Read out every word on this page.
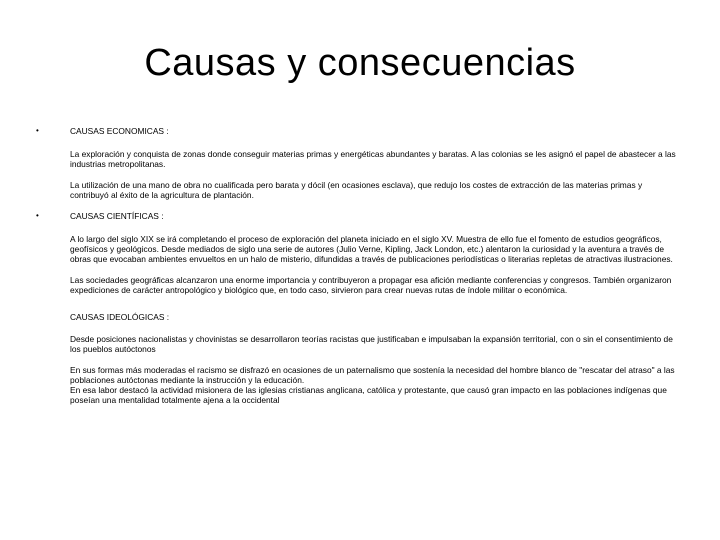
Causas y consecuencias
•	CAUSAS ECONOMICAS :
La exploración y conquista de zonas donde conseguir materias primas y energéticas abundantes y baratas. A las colonias se les asignó el papel de abastecer a las industrias metropolitanas.
La utilización de una mano de obra no cualificada pero barata y dócil (en ocasiones esclava), que redujo los costes de extracción de las materias primas y contribuyó al éxito de la agricultura de plantación.
•	CAUSAS CIENTÍFICAS :
A lo largo del siglo XIX se irá completando el proceso de exploración del planeta iniciado en el siglo XV. Muestra de ello fue el fomento de estudios geográficos, geofísicos y geológicos. Desde mediados de siglo una serie de autores (Julio Verne, Kipling, Jack London, etc.) alentaron la curiosidad y la aventura a través de obras que evocaban ambientes envueltos en un halo de misterio, difundidas a través de publicaciones periodísticas o literarias repletas de atractivas ilustraciones.
Las sociedades geográficas alcanzaron una enorme importancia y contribuyeron a propagar esa afición mediante conferencias y congresos. También organizaron expediciones de carácter antropológico y biológico que, en todo caso, sirvieron para crear nuevas rutas de índole militar o económica.
CAUSAS IDEOLÓGICAS :
Desde posiciones nacionalistas y chovinistas se desarrollaron teorías racistas que justificaban e impulsaban la expansión territorial, con o sin el consentimiento de los pueblos autóctonos
En sus formas más moderadas el racismo se disfrazó en ocasiones de un paternalismo que sostenía la necesidad del hombre blanco de "rescatar del atraso" a las poblaciones autóctonas mediante la instrucción y la educación.
En esa labor destacó la actividad misionera de las iglesias cristianas anglicana, católica y protestante, que causó gran impacto en las poblaciones indígenas que poseían una mentalidad totalmente ajena a la occidental
